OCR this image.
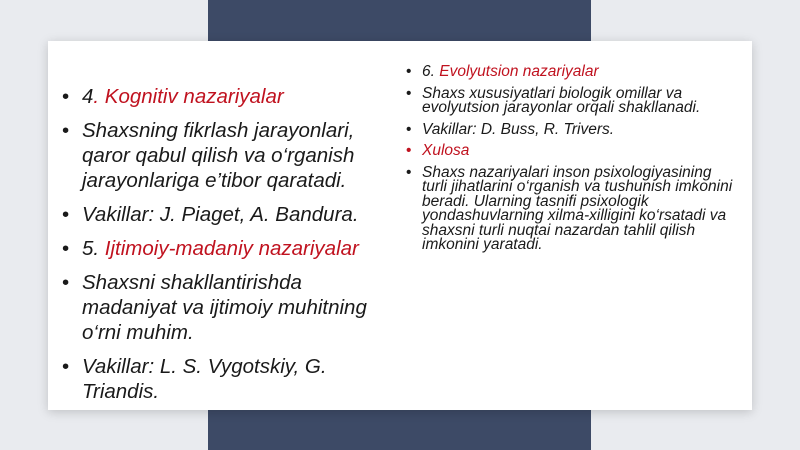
• 4. Kognitiv nazariyalar
• Shaxsning fikrlash jarayonlari, qaror qabul qilish va o‘rganish jarayonlariga e’tibor qaratadi.
• Vakillar: J. Piaget, A. Bandura.
• 5. Ijtimoiy-madaniy nazariyalar
• Shaxsni shakllantirishda madaniyat va ijtimoiy muhitning o‘rni muhim.
• Vakillar: L. S. Vygotskiy, G. Triandis.
• 6. Evolyutsion nazariyalar
• Shaxs xususiyatlari biologik omillar va evolyutsion jarayonlar orqali shakllanadi.
• Vakillar: D. Buss, R. Trivers.
• Xulosa
• Shaxs nazariyalari inson psixologiyasining turli jihatlarini o‘rganish va tushunish imkonini beradi. Ularning tasnifi psixologik yondashuvlarning xilma-xilligini ko‘rsatadi va shaxsni turli nuqtai nazardan tahlil qilish imkonini yaratadi.
